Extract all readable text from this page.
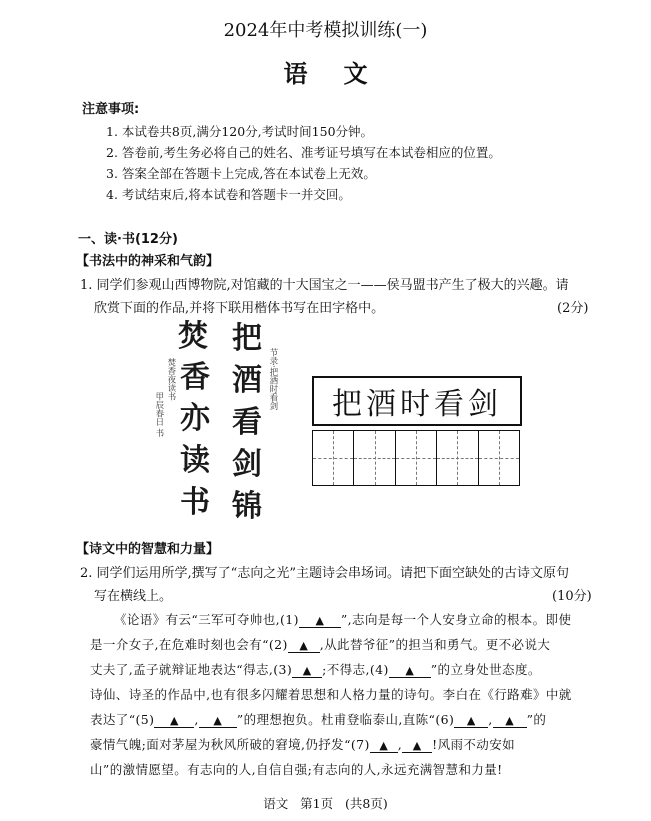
2024年中考模拟训练(一)
语文
注意事项:
1. 本试卷共8页,满分120分,考试时间150分钟。
2. 答卷前,考生务必将自己的姓名、准考证号填写在本试卷相应的位置。
3. 答案全部在答题卡上完成,答在本试卷上无效。
4. 考试结束后,将本试卷和答题卡一并交回。
一、读·书(12分)
【书法中的神采和气韵】
1. 同学们参观山西博物院,对馆藏的十大国宝之一——侯马盟书产生了极大的兴趣。请
欣赏下面的作品,并将下联用楷体书写在田字格中。	(2分)
焚
香
亦
读
书
把
酒
看
剑
锦
节录·把酒时看剑
焚香夜读书
甲辰春日 书	把酒时看剑
【诗文中的智慧和力量】
2. 同学们运用所学,撰写了“志向之光”主题诗会串场词。请把下面空缺处的古诗文原句
写在横线上。	(10分)
《论语》有云“三军可夺帅也,(1) ▲ ”,志向是每一个人安身立命的根本。即使
是一介女子,在危难时刻也会有“(2) ▲ ,从此替爷征”的担当和勇气。更不必说大
丈夫了,孟子就辩证地表达“得志,(3) ▲ ;不得志,(4) ▲ ”的立身处世态度。
诗仙、诗圣的作品中,也有很多闪耀着思想和人格力量的诗句。李白在《行路难》中就
表达了“(5) ▲ , ▲ ”的理想抱负。杜甫登临泰山,直陈“(6) ▲ , ▲ ”的
豪情气魄;面对茅屋为秋风所破的窘境,仍抒发“(7) ▲ , ▲ !风雨不动安如
山”的激情愿望。有志向的人,自信自强;有志向的人,永远充满智慧和力量!
语文   第1页   (共8页)
